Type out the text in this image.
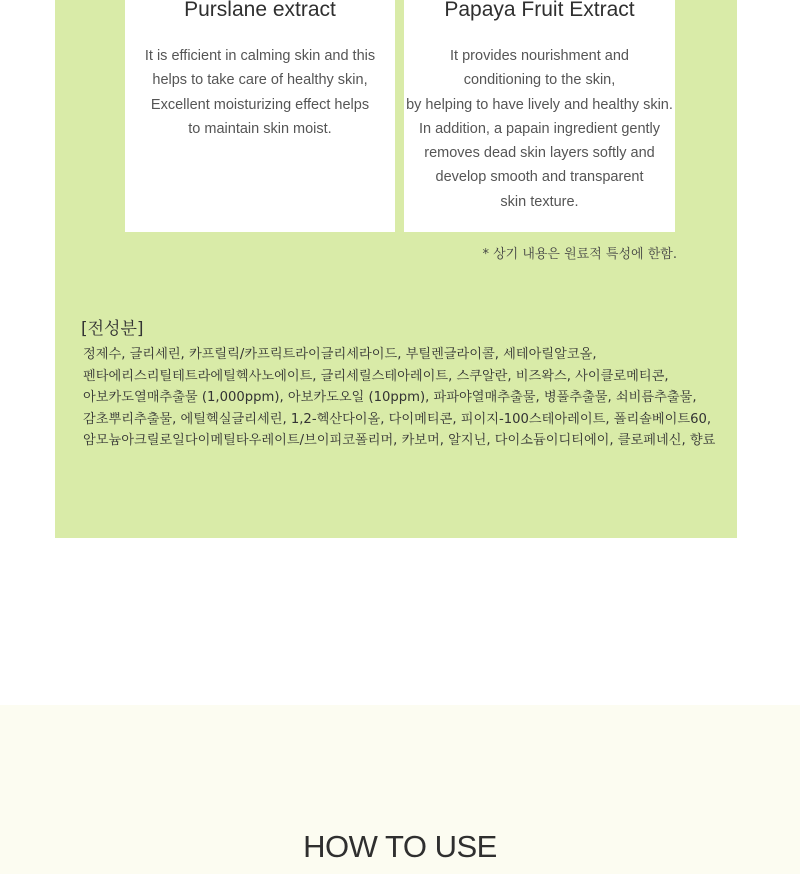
Purslane extract
It is efficient in calming skin and this
helps to take care of healthy skin,
Excellent moisturizing effect helps
to maintain skin moist.
Papaya Fruit Extract
It provides nourishment and
conditioning to the skin,
by helping to have lively and healthy skin.
In addition, a papain ingredient gently
removes dead skin layers softly and
develop smooth and transparent
skin texture.
* 상기 내용은 원료적 특성에 한함.
[전성분]
정제수, 글리세린, 카프릴릭/카프릭트라이글리세라이드, 부틸렌글라이콜, 세테아릴알코올,
펜타에리스리틸테트라에틸헥사노에이트, 글리세릴스테아레이트, 스쿠알란, 비즈왁스, 사이클로메티콘,
아보카도열매추출물 (1,000ppm), 아보카도오일 (10ppm), 파파야열매추출물, 병풀추출물, 쇠비름추출물,
감초뿌리추출물, 에틸헥실글리세린, 1,2-헥산다이올, 다이메티콘, 피이지-100스테아레이트, 폴리솔베이트60,
암모늄아크릴로일다이메틸타우레이트/브이피코폴리머, 카보머, 알지닌, 다이소듐이디티에이, 클로페네신, 향료
HOW TO USE
